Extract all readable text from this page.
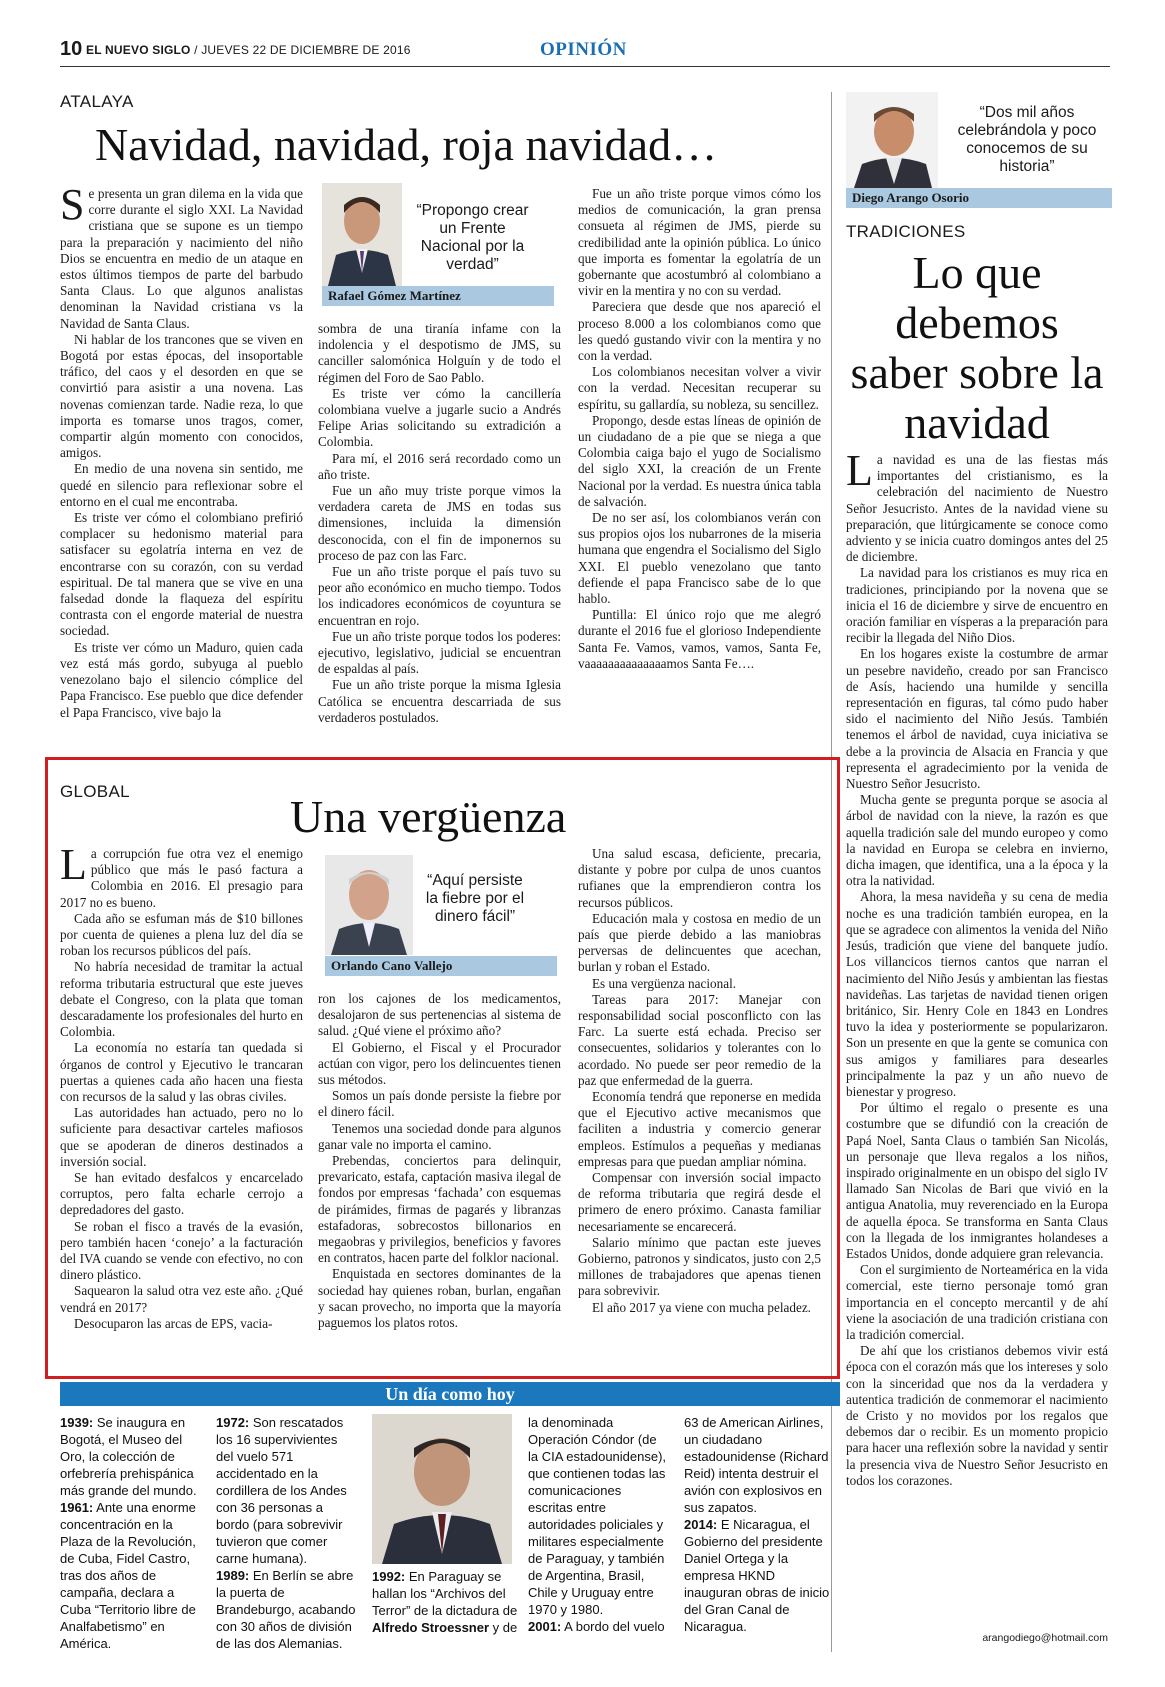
10 EL NUEVO SIGLO / JUEVES 22 DE DICIEMBRE DE 2016	OPINIÓN
ATALAYA
Navidad, navidad, roja navidad…

Se presenta un gran dilema en la vida que corre durante el siglo XXI. La Navidad cristiana que se supone es un tiempo para la preparación y nacimiento del niño Dios se encuentra en medio de un ataque en estos últimos tiempos de parte del barbudo Santa Claus. Lo que algunos analistas denominan la Navidad cristiana vs la Navidad de Santa Claus.

Ni hablar de los trancones que se viven en Bogotá por estas épocas, del insoportable tráfico, del caos y el desorden en que se convirtió para asistir a una novena. Las novenas comienzan tarde. Nadie reza, lo que importa es tomarse unos tragos, comer, compartir algún momento con conocidos, amigos.

En medio de una novena sin sentido, me quedé en silencio para reflexionar sobre el entorno en el cual me encontraba.

Es triste ver cómo el colombiano prefirió complacer su hedonismo material para satisfacer su egolatría interna en vez de encontrarse con su corazón, con su verdad espiritual. De tal manera que se vive en una falsedad donde la flaqueza del espíritu contrasta con el engorde material de nuestra sociedad.

Es triste ver cómo un Maduro, quien cada vez está más gordo, subyuga al pueblo venezolano bajo el silencio cómplice del Papa Francisco. Ese pueblo que dice defender el Papa Francisco, vive bajo la

“Propongo crear un Frente Nacional por la verdad”
Rafael Gómez Martínez

sombra de una tiranía infame con la indolencia y el despotismo de JMS, su canciller salomónica Holguín y de todo el régimen del Foro de Sao Pablo.

Es triste ver cómo la cancillería colombiana vuelve a jugarle sucio a Andrés Felipe Arias solicitando su extradición a Colombia.

Para mí, el 2016 será recordado como un año triste.

Fue un año muy triste porque vimos la verdadera careta de JMS en todas sus dimensiones, incluida la dimensión desconocida, con el fin de imponernos su proceso de paz con las Farc.

Fue un año triste porque el país tuvo su peor año económico en mucho tiempo. Todos los indicadores económicos de coyuntura se encuentran en rojo.

Fue un año triste porque todos los poderes: ejecutivo, legislativo, judicial se encuentran de espaldas al país.

Fue un año triste porque la misma Iglesia Católica se encuentra descarriada de sus verdaderos postulados.

Fue un año triste porque vimos cómo los medios de comunicación, la gran prensa consueta al régimen de JMS, pierde su credibilidad ante la opinión pública. Lo único que importa es fomentar la egolatría de un gobernante que acostumbró al colombiano a vivir en la mentira y no con su verdad.

Pareciera que desde que nos apareció el proceso 8.000 a los colombianos como que les quedó gustando vivir con la mentira y no con la verdad.

Los colombianos necesitan volver a vivir con la verdad. Necesitan recuperar su espíritu, su gallardía, su nobleza, su sencillez.

Propongo, desde estas líneas de opinión de un ciudadano de a pie que se niega a que Colombia caiga bajo el yugo de Socialismo del siglo XXI, la creación de un Frente Nacional por la verdad. Es nuestra única tabla de salvación.

De no ser así, los colombianos verán con sus propios ojos los nubarrones de la miseria humana que engendra el Socialismo del Siglo XXI. El pueblo venezolano que tanto defiende el papa Francisco sabe de lo que hablo.

Puntilla: El único rojo que me alegró durante el 2016 fue el glorioso Independiente Santa Fe. Vamos, vamos, vamos, Santa Fe, vaaaaaaaaaaaaaamos Santa Fe….

GLOBAL	Una vergüenza

La corrupción fue otra vez el enemigo público que más le pasó factura a Colombia en 2016. El presagio para 2017 no es bueno.

Cada año se esfuman más de $10 billones por cuenta de quienes a plena luz del día se roban los recursos públicos del país.

No habría necesidad de tramitar la actual reforma tributaria estructural que este jueves debate el Congreso, con la plata que toman descaradamente los profesionales del hurto en Colombia.

La economía no estaría tan quedada si órganos de control y Ejecutivo le trancaran puertas a quienes cada año hacen una fiesta con recursos de la salud y las obras civiles.

Las autoridades han actuado, pero no lo suficiente para desactivar carteles mafiosos que se apoderan de dineros destinados a inversión social.

Se han evitado desfalcos y encarcelado corruptos, pero falta echarle cerrojo a depredadores del gasto.

Se roban el fisco a través de la evasión, pero también hacen ‘conejo’ a la facturación del IVA cuando se vende con efectivo, no con dinero plástico.

Saquearon la salud otra vez este año. ¿Qué vendrá en 2017?

Desocuparon las arcas de EPS, vacia-

“Aquí persiste la fiebre por el dinero fácil”
Orlando Cano Vallejo

ron los cajones de los medicamentos, desalojaron de sus pertenencias al sistema de salud. ¿Qué viene el próximo año?

El Gobierno, el Fiscal y el Procurador actúan con vigor, pero los delincuentes tienen sus métodos.

Somos un país donde persiste la fiebre por el dinero fácil.

Tenemos una sociedad donde para algunos ganar vale no importa el camino.

Prebendas, conciertos para delinquir, prevaricato, estafa, captación masiva ilegal de fondos por empresas ‘fachada’ con esquemas de pirámides, firmas de pagarés y libranzas estafadoras, sobrecostos billonarios en megaobras y privilegios, beneficios y favores en contratos, hacen parte del folklor nacional.

Enquistada en sectores dominantes de la sociedad hay quienes roban, burlan, engañan y sacan provecho, no importa que la mayoría paguemos los platos rotos.

Una salud escasa, deficiente, precaria, distante y pobre por culpa de unos cuantos rufianes que la emprendieron contra los recursos públicos.

Educación mala y costosa en medio de un país que pierde debido a las maniobras perversas de delincuentes que acechan, burlan y roban el Estado.

Es una vergüenza nacional.

Tareas para 2017: Manejar con responsabilidad social posconflicto con las Farc. La suerte está echada. Preciso ser consecuentes, solidarios y tolerantes con lo acordado. No puede ser peor remedio de la paz que enfermedad de la guerra.

Economía tendrá que reponerse en medida que el Ejecutivo active mecanismos que faciliten a industria y comercio generar empleos. Estímulos a pequeñas y medianas empresas para que puedan ampliar nómina.

Compensar con inversión social impacto de reforma tributaria que regirá desde el primero de enero próximo. Canasta familiar necesariamente se encarecerá.

Salario mínimo que pactan este jueves Gobierno, patronos y sindicatos, justo con 2,5 millones de trabajadores que apenas tienen para sobrevivir.

El año 2017 ya viene con mucha peladez.

“Dos mil años celebrándola y poco conocemos de su historia”
Diego Arango Osorio
TRADICIONES
Lo que debemos saber sobre la navidad

La navidad es una de las fiestas más importantes del cristianismo, es la celebración del nacimiento de Nuestro Señor Jesucristo. Antes de la navidad viene su preparación, que litúrgicamente se conoce como adviento y se inicia cuatro domingos antes del 25 de diciembre.

La navidad para los cristianos es muy rica en tradiciones, principiando por la novena que se inicia el 16 de diciembre y sirve de encuentro en oración familiar en vísperas a la preparación para recibir la llegada del Niño Dios.

En los hogares existe la costumbre de armar un pesebre navideño, creado por san Francisco de Asís, haciendo una humilde y sencilla representación en figuras, tal cómo pudo haber sido el nacimiento del Niño Jesús. También tenemos el árbol de navidad, cuya iniciativa se debe a la provincia de Alsacia en Francia y que representa el agradecimiento por la venida de Nuestro Señor Jesucristo.

Mucha gente se pregunta porque se asocia al árbol de navidad con la nieve, la razón es que aquella tradición sale del mundo europeo y como la navidad en Europa se celebra en invierno, dicha imagen, que identifica, una a la época y la otra la natividad.

Ahora, la mesa navideña y su cena de media noche es una tradición también europea, en la que se agradece con alimentos la venida del Niño Jesús, tradición que viene del banquete judío. Los villancicos tiernos cantos que narran el nacimiento del Niño Jesús y ambientan las fiestas navideñas. Las tarjetas de navidad tienen origen británico, Sir. Henry Cole en 1843 en Londres tuvo la idea y posteriormente se popularizaron. Son un presente en que la gente se comunica con sus amigos y familiares para desearles principalmente la paz y un año nuevo de bienestar y progreso.

Por último el regalo o presente es una costumbre que se difundió con la creación de Papá Noel, Santa Claus o también San Nicolás, un personaje que lleva regalos a los niños, inspirado originalmente en un obispo del siglo IV llamado San Nicolas de Bari que vivió en la antigua Anatolia, muy reverenciado en la Europa de aquella época. Se transforma en Santa Claus con la llegada de los inmigrantes holandeses a Estados Unidos, donde adquiere gran relevancia.

Con el surgimiento de Norteamérica en la vida comercial, este tierno personaje tomó gran importancia en el concepto mercantil y de ahí viene la asociación de una tradición cristiana con la tradición comercial.

De ahí que los cristianos debemos vivir está época con el corazón más que los intereses y solo con la sinceridad que nos da la verdadera y autentica tradición de conmemorar el nacimiento de Cristo y no movidos por los regalos que debemos dar o recibir. Es un momento propicio para hacer una reflexión sobre la navidad y sentir la presencia viva de Nuestro Señor Jesucristo en todos los corazones.

arangodiego@hotmail.com
Un día como hoy
1939: Se inaugura en Bogotá, el Museo del Oro, la colección de orfebrería prehispánica más grande del mundo.
1961: Ante una enorme concentración en la Plaza de la Revolución, de Cuba, Fidel Castro, tras dos años de campaña, declara a Cuba “Territorio libre de Analfabetismo” en América.
1972: Son rescatados los 16 supervivientes del vuelo 571 accidentado en la cordillera de los Andes con 36 personas a bordo (para sobrevivir tuvieron que comer carne humana).
1989: En Berlín se abre la puerta de Brandeburgo, acabando con 30 años de división de las dos Alemanias.
1992: En Paraguay se hallan los “Archivos del Terror” de la dictadura de Alfredo Stroessner y de
la denominada Operación Cóndor (de la CIA estadounidense), que contienen todas las comunicaciones escritas entre autoridades policiales y militares especialmente de Paraguay, y también de Argentina, Brasil, Chile y Uruguay entre 1970 y 1980.
2001: A bordo del vuelo
63 de American Airlines, un ciudadano estadounidense (Richard Reid) intenta destruir el avión con explosivos en sus zapatos.
2014: E Nicaragua, el Gobierno del presidente Daniel Ortega y la empresa HKND inauguran obras de inicio del Gran Canal de Nicaragua.
